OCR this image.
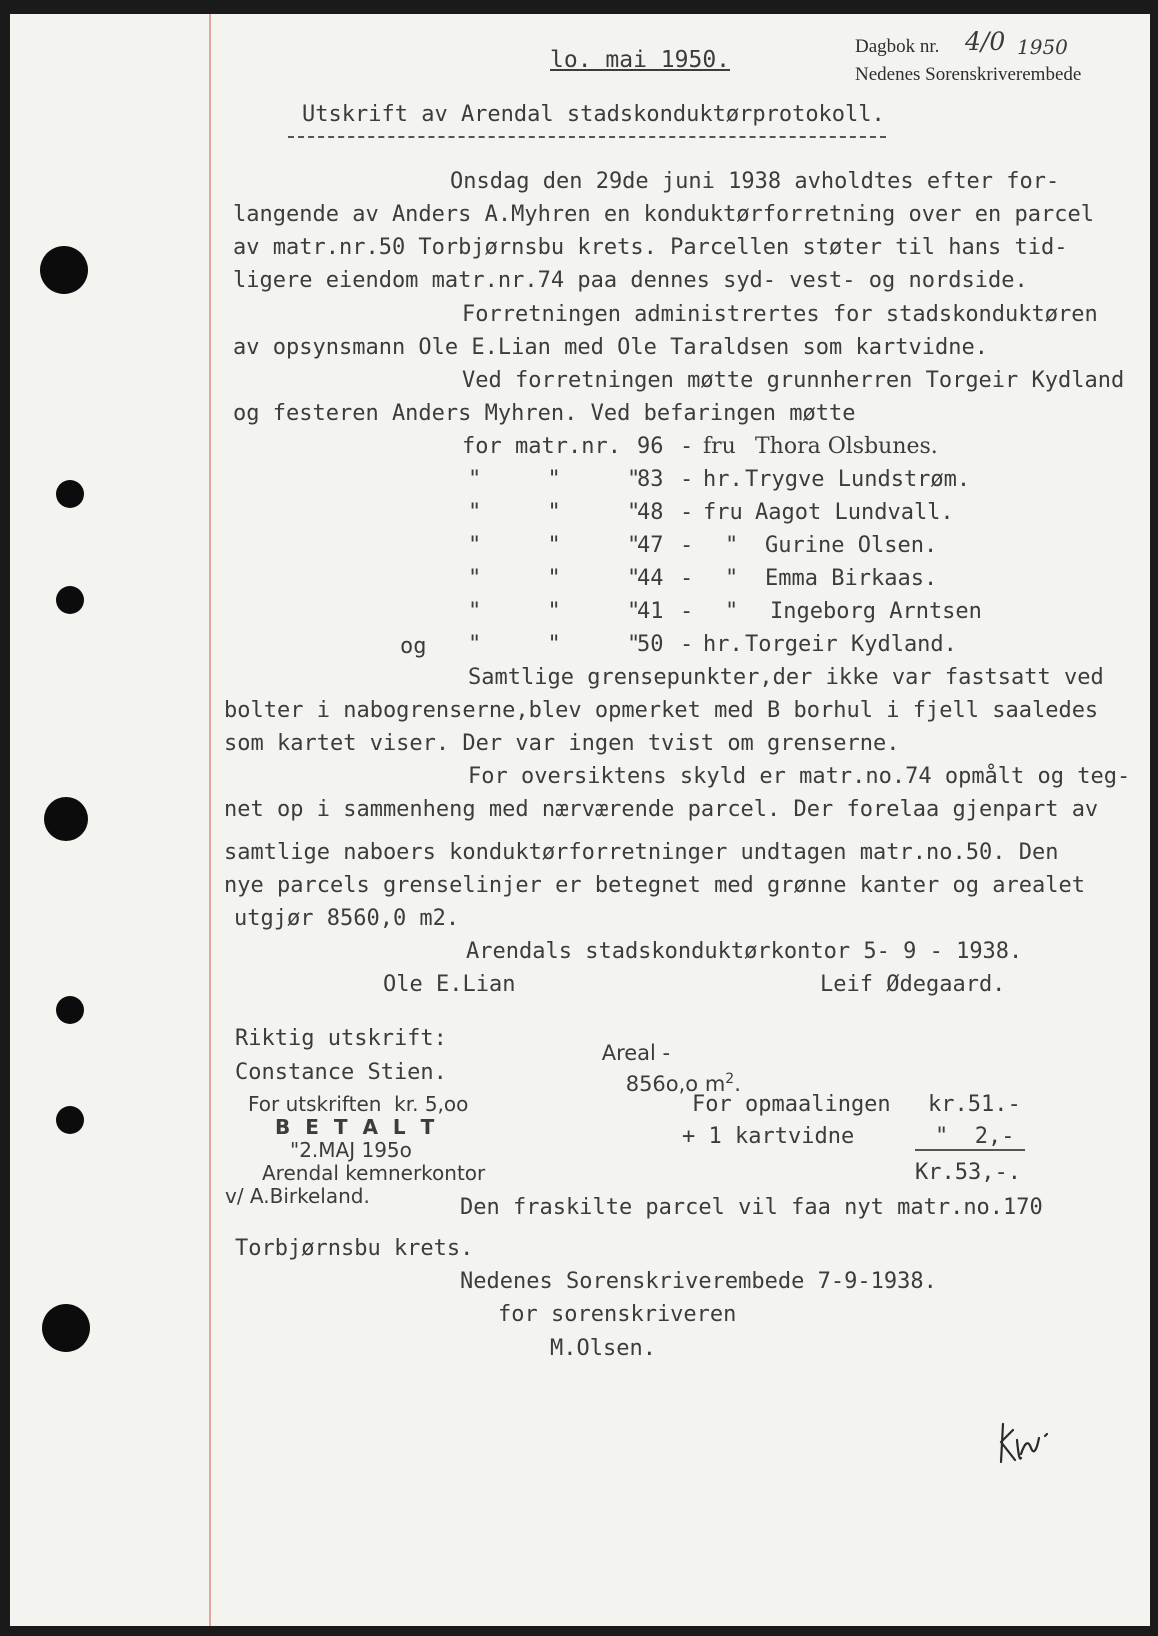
lo. mai 1950.
Dagbok nr. 4/0 1950
Nedenes Sorenskriverembede
Utskrift av Arendal stadskonduktørprotokoll.
Onsdag den 29de juni 1938 avholdtes efter for-
langende av Anders A.Myhren en konduktørforretning over en parcel
av matr.nr.50 Torbjørnsbu krets. Parcellen støter til hans tid-
ligere eiendom matr.nr.74 paa dennes syd- vest- og nordside.
Forretningen administrertes for stadskonduktøren
av opsynsmann Ole E.Lian med Ole Taraldsen som kartvidne.
Ved forretningen møtte grunnherren Torgeir Kydland
og festeren Anders Myhren. Ved befaringen møtte
for matr.nr. 96 - fru Thora Olsbunes.
"     "     "
83 - hr. Trygve Lundstrøm.
"     "     "
48 - fru Aagot Lundvall.
"     "     "
47 - " Gurine Olsen.
"     "     "
44 - " Emma Birkaas.
"     "     "
41 - " Ingeborg Arntsen
og "     "     "
50 - hr. Torgeir Kydland.
Samtlige grensepunkter,der ikke var fastsatt ved
bolter i nabogrenserne,blev opmerket med B borhul i fjell saaledes
som kartet viser. Der var ingen tvist om grenserne.
For oversiktens skyld er matr.no.74 opmålt og teg-
net op i sammenheng med nærværende parcel. Der forelaa gjenpart av
samtlige naboers konduktørforretninger undtagen matr.no.50. Den
nye parcels grenselinjer er betegnet med grønne kanter og arealet
utgjør 8560,0 m2.
Arendals stadskonduktørkontor 5- 9 - 1938.
Ole E.Lian	Leif Ødegaard.

Areal -
856o,o $m^2$.

Riktig utskrift:
Constance Stien.
For utskriften  kr. 5,oo
B E T A L T
"2.MAJ 195o
Arendal kemnerkontor
v/ A.Birkeland.
For opmaalingen kr.51.-
+ 1 kartvidne	"  2,-
Kr.53,-.
Den fraskilte parcel vil faa nyt matr.no.170
Torbjørnsbu krets.
Nedenes Sorenskriverembede 7-9-1938.
for sorenskriveren
M.Olsen.
